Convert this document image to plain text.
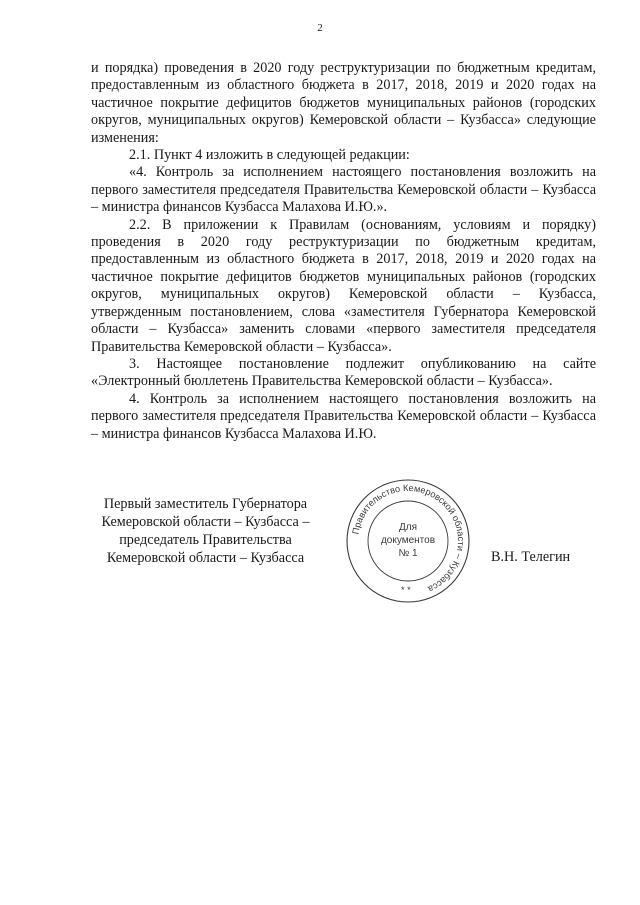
2

и порядка) проведения в 2020 году реструктуризации по бюджетным кредитам, предоставленным из областного бюджета в 2017, 2018, 2019 и 2020 годах на частичное покрытие дефицитов бюджетов муниципальных районов (городских округов, муниципальных округов) Кемеровской области – Кузбасса» следующие изменения:

2.1. Пункт 4 изложить в следующей редакции:

«4. Контроль за исполнением настоящего постановления возложить на первого заместителя председателя Правительства Кемеровской области – Кузбасса – министра финансов Кузбасса Малахова И.Ю.».

2.2. В приложении к Правилам (основаниям, условиям и порядку) проведения в 2020 году реструктуризации по бюджетным кредитам, предоставленным из областного бюджета в 2017, 2018, 2019 и 2020 годах на частичное покрытие дефицитов бюджетов муниципальных районов (городских округов, муниципальных округов) Кемеровской области – Кузбасса, утвержденным постановлением, слова «заместителя Губернатора Кемеровской области – Кузбасса» заменить словами «первого заместителя председателя Правительства Кемеровской области – Кузбасса».

3. Настоящее постановление подлежит опубликованию на сайте «Электронный бюллетень Правительства Кемеровской области – Кузбасса».

4. Контроль за исполнением настоящего постановления возложить на первого заместителя председателя Правительства Кемеровской области – Кузбасса – министра финансов Кузбасса Малахова И.Ю.

Первый заместитель Губернатора
Кемеровской области – Кузбасса –
председатель Правительства
Кемеровской области – Кузбасса
Правительство Кемеровской области – Кузбасса
* *
Для
документов
№ 1	В.Н. Телегин
